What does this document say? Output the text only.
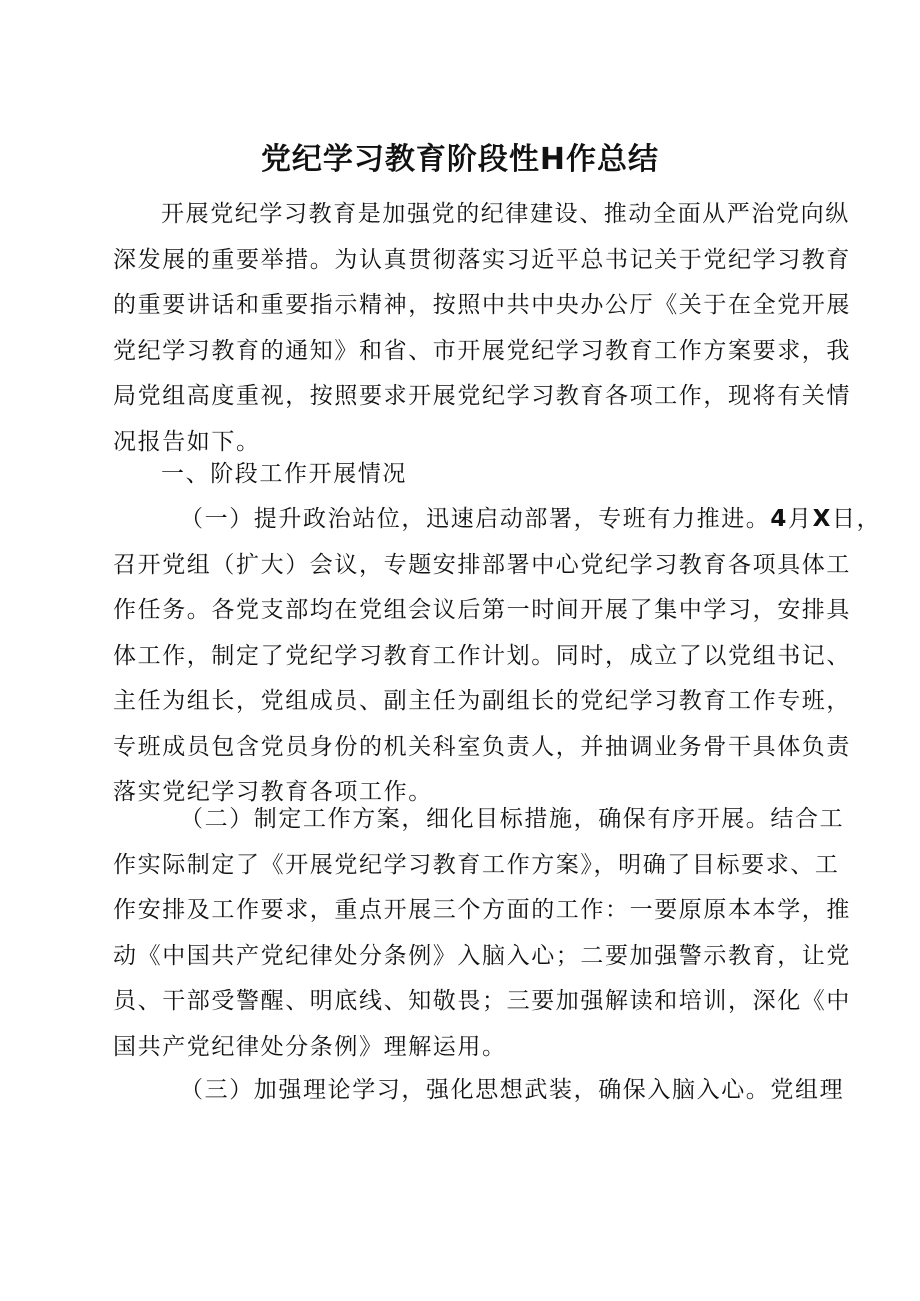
党纪学习教育阶段性H作总结
开展党纪学习教育是加强党的纪律建设、推动全面从严治党向纵
深发展的重要举措。为认真贯彻落实习近平总书记关于党纪学习教育
的重要讲话和重要指示精神，按照中共中央办公厅《关于在全党开展
党纪学习教育的通知》和省、市开展党纪学习教育工作方案要求，我
局党组高度重视，按照要求开展党纪学习教育各项工作，现将有关情
况报告如下。
一、阶段工作开展情况
（一）提升政治站位，迅速启动部署，专班有力推进。4月X日，
召开党组（扩大）会议，专题安排部署中心党纪学习教育各项具体工
作任务。各党支部均在党组会议后第一时间开展了集中学习，安排具
体工作，制定了党纪学习教育工作计划。同时，成立了以党组书记、
主任为组长，党组成员、副主任为副组长的党纪学习教育工作专班，
专班成员包含党员身份的机关科室负责人，并抽调业务骨干具体负责
落实党纪学习教育各项工作。
（二）制定工作方案，细化目标措施，确保有序开展。结合工
作实际制定了《开展党纪学习教育工作方案》，明确了目标要求、工
作安排及工作要求，重点开展三个方面的工作：一要原原本本学，推
动《中国共产党纪律处分条例》入脑入心；二要加强警示教育，让党
员、干部受警醒、明底线、知敬畏；三要加强解读和培训，深化《中
国共产党纪律处分条例》理解运用。
（三）加强理论学习，强化思想武装，确保入脑入心。党组理
